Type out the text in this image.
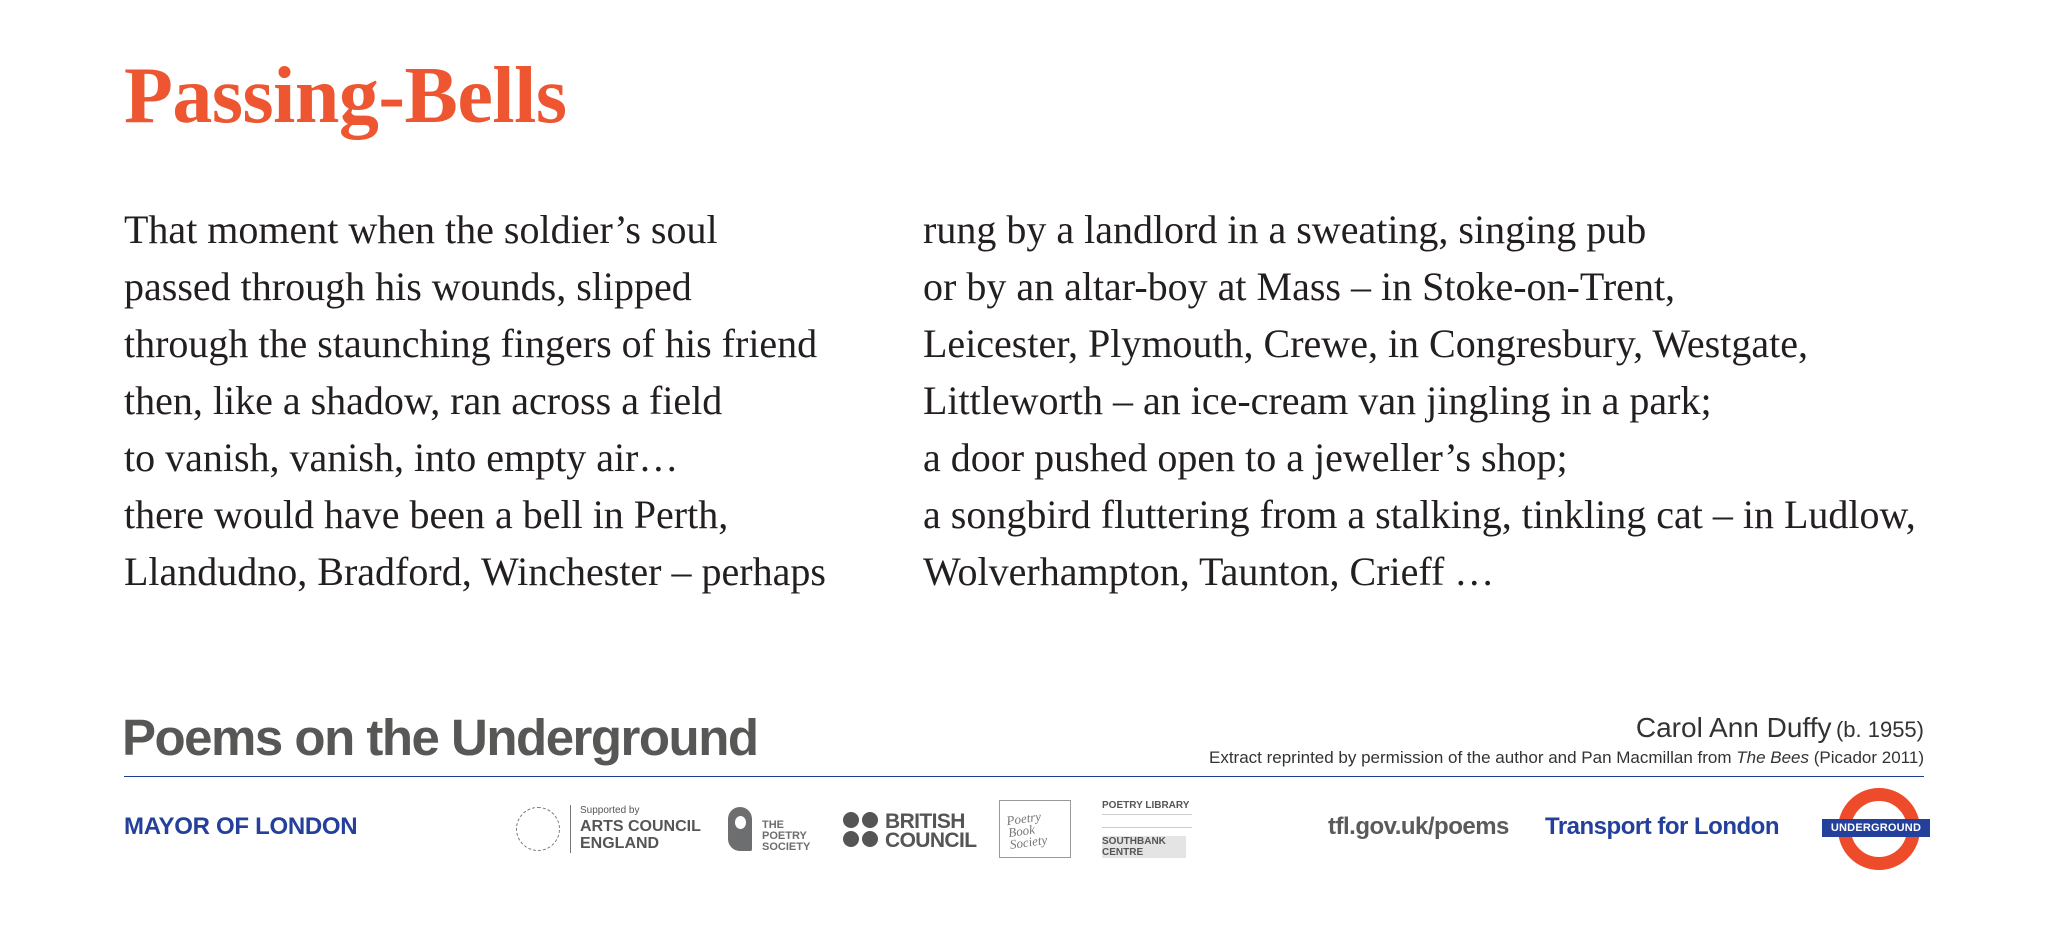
Passing-Bells
That moment when the soldier’s soul
passed through his wounds, slipped
through the staunching fingers of his friend
then, like a shadow, ran across a field
to vanish, vanish, into empty air…
there would have been a bell in Perth,
Llandudno, Bradford, Winchester – perhaps
rung by a landlord in a sweating, singing pub
or by an altar-boy at Mass – in Stoke-on-Trent,
Leicester, Plymouth, Crewe, in Congresbury, Westgate,
Littleworth – an ice-cream van jingling in a park;
a door pushed open to a jeweller’s shop;
a songbird fluttering from a stalking, tinkling cat – in Ludlow,
Wolverhampton, Taunton, Crieff …
Poems on the Underground	Carol Ann Duffy (b. 1955)
Extract reprinted by permission of the author and Pan Macmillan from The Bees (Picador 2011)
MAYOR OF LONDON
Supported by
ARTS COUNCIL ENGLAND
THE POETRY SOCIETY
BRITISH COUNCIL
Poetry Book Society
POETRY LIBRARY
SOUTHBANK CENTRE
tfl.gov.uk/poems Transport for London	UNDERGROUND
